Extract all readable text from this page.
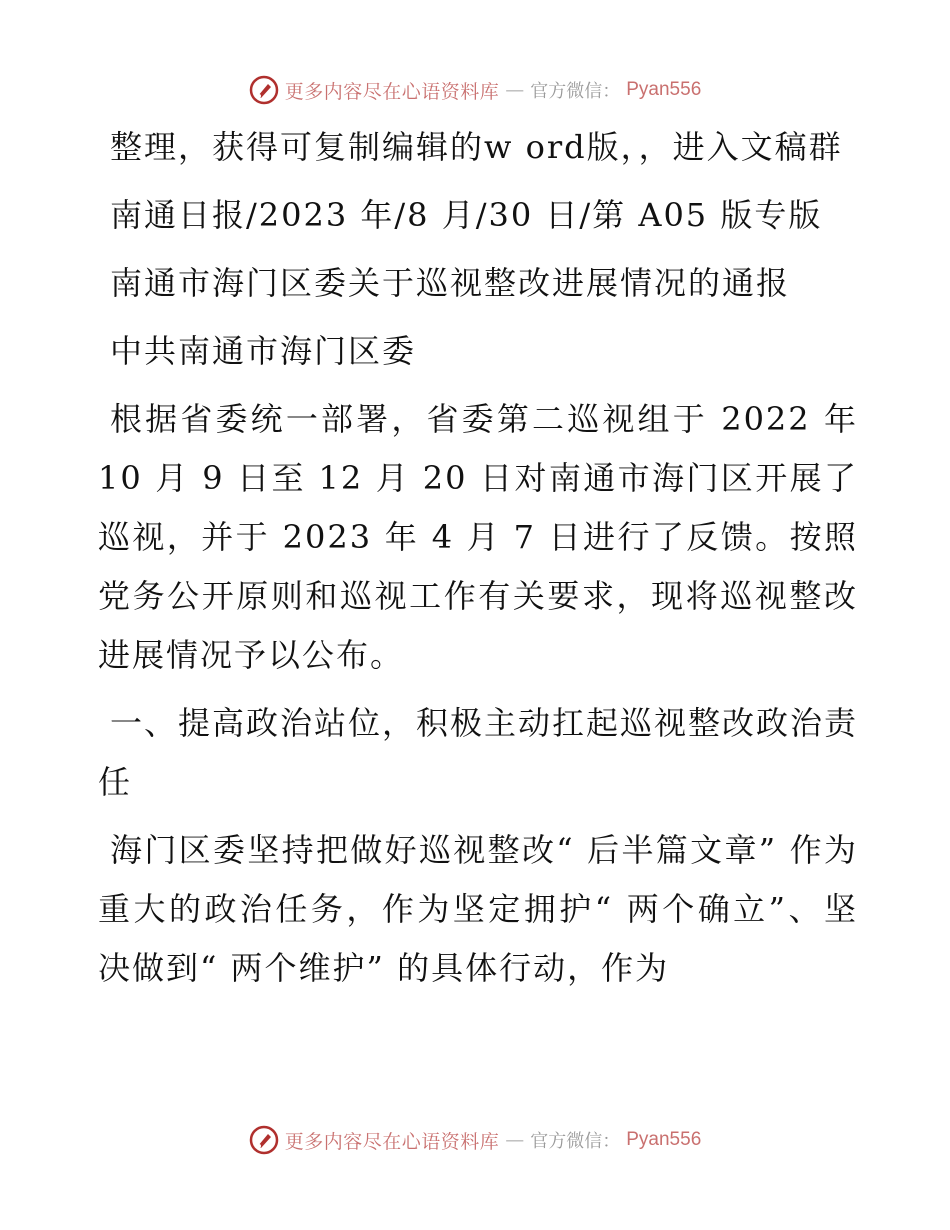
更多内容尽在心语资料库 — 官方微信： Pyan556

整理，获得可复制编辑的w ord版，，进入文稿群

南通日报/2023 年/8 月/30 日/第 A05 版专版

南通市海门区委关于巡视整改进展情况的通报

中共南通市海门区委

根据省委统一部署，省委第二巡视组于 2022 年 10 月 9 日至 12 月 20 日对南通市海门区开展了巡视，并于 2023 年 4 月 7 日进行了反馈。按照党务公开原则和巡视工作有关要求，现将巡视整改进展情况予以公布。

一、提高政治站位，积极主动扛起巡视整改政治责任

海门区委坚持把做好巡视整改“ 后半篇文章” 作为重大的政治任务，作为坚定拥护“ 两个确立”、坚决做到“ 两个维护” 的具体行动，作为

更多内容尽在心语资料库 — 官方微信： Pyan556
